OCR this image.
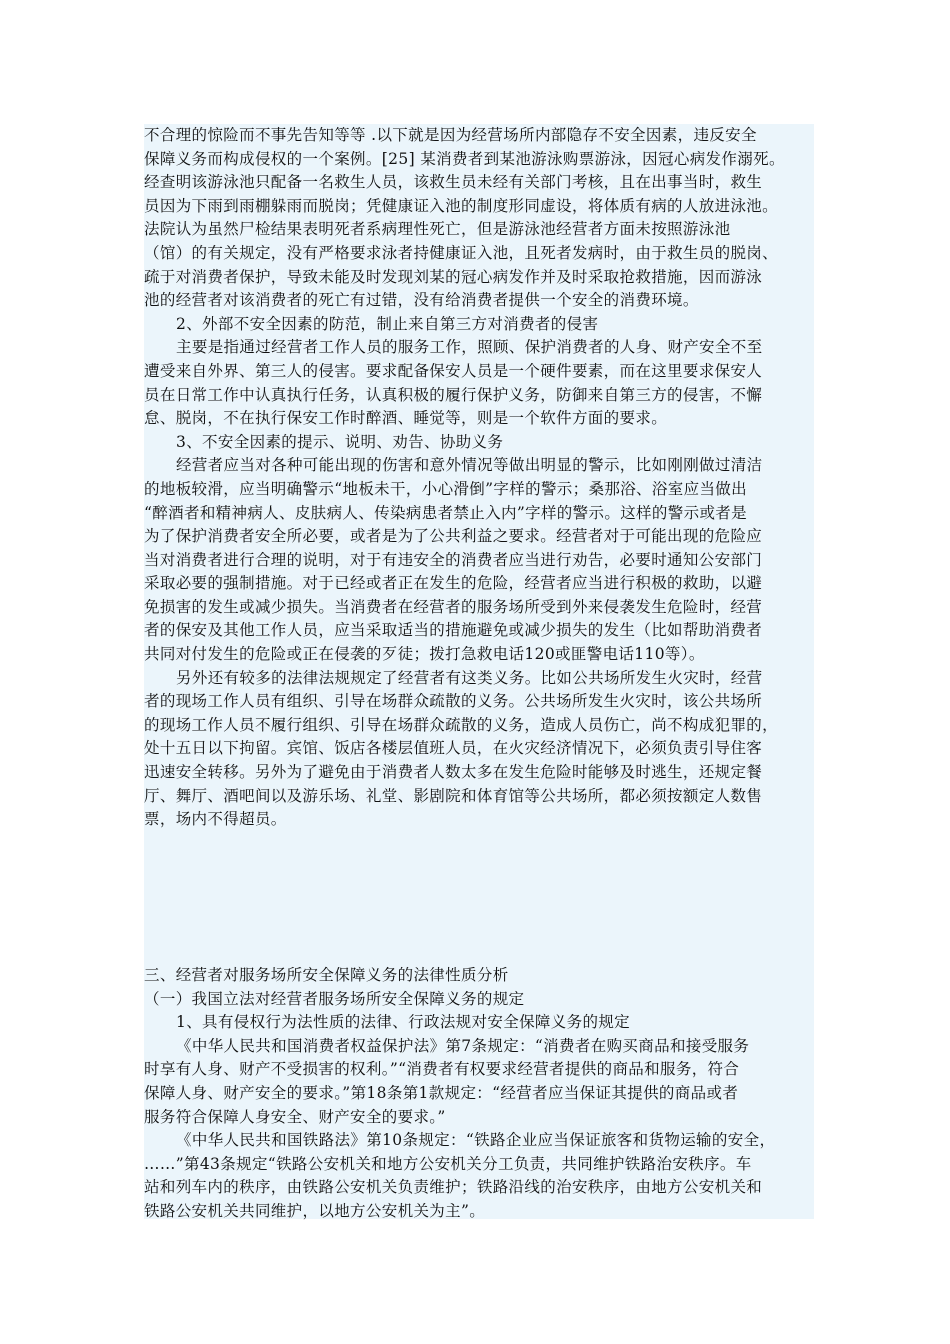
不合理的惊险而不事先告知等等 .以下就是因为经营场所内部隐存不安全因素，违反安全
保障义务而构成侵权的一个案例。[25] 某消费者到某池游泳购票游泳，因冠心病发作溺死。
经查明该游泳池只配备一名救生人员，该救生员未经有关部门考核，且在出事当时，救生
员因为下雨到雨棚躲雨而脱岗；凭健康证入池的制度形同虚设，将体质有病的人放进泳池。
法院认为虽然尸检结果表明死者系病理性死亡，但是游泳池经营者方面未按照游泳池
（馆）的有关规定，没有严格要求泳者持健康证入池，且死者发病时，由于救生员的脱岗、
疏于对消费者保护，导致未能及时发现刘某的冠心病发作并及时采取抢救措施，因而游泳
池的经营者对该消费者的死亡有过错，没有给消费者提供一个安全的消费环境。
2、外部不安全因素的防范，制止来自第三方对消费者的侵害
主要是指通过经营者工作人员的服务工作，照顾、保护消费者的人身、财产安全不至
遭受来自外界、第三人的侵害。要求配备保安人员是一个硬件要素，而在这里要求保安人
员在日常工作中认真执行任务，认真积极的履行保护义务，防御来自第三方的侵害，不懈
怠、脱岗，不在执行保安工作时醉酒、睡觉等，则是一个软件方面的要求。
3、不安全因素的提示、说明、劝告、协助义务
经营者应当对各种可能出现的伤害和意外情况等做出明显的警示，比如刚刚做过清洁
的地板较滑，应当明确警示“地板未干，小心滑倒”字样的警示；桑那浴、浴室应当做出
“醉酒者和精神病人、皮肤病人、传染病患者禁止入内”字样的警示。这样的警示或者是
为了保护消费者安全所必要，或者是为了公共利益之要求。经营者对于可能出现的危险应
当对消费者进行合理的说明，对于有违安全的消费者应当进行劝告，必要时通知公安部门
采取必要的强制措施。对于已经或者正在发生的危险，经营者应当进行积极的救助，以避
免损害的发生或减少损失。当消费者在经营者的服务场所受到外来侵袭发生危险时，经营
者的保安及其他工作人员，应当采取适当的措施避免或减少损失的发生（比如帮助消费者
共同对付发生的危险或正在侵袭的歹徒；拨打急救电话120或匪警电话110等）。
另外还有较多的法律法规规定了经营者有这类义务。比如公共场所发生火灾时，经营
者的现场工作人员有组织、引导在场群众疏散的义务。公共场所发生火灾时，该公共场所
的现场工作人员不履行组织、引导在场群众疏散的义务，造成人员伤亡，尚不构成犯罪的，
处十五日以下拘留。宾馆、饭店各楼层值班人员，在火灾经济情况下，必须负责引导住客
迅速安全转移。另外为了避免由于消费者人数太多在发生危险时能够及时逃生，还规定餐
厅、舞厅、酒吧间以及游乐场、礼堂、影剧院和体育馆等公共场所，都必须按额定人数售
票，场内不得超员。
三、经营者对服务场所安全保障义务的法律性质分析
（一）我国立法对经营者服务场所安全保障义务的规定
1、具有侵权行为法性质的法律、行政法规对安全保障义务的规定
《中华人民共和国消费者权益保护法》第7条规定：“消费者在购买商品和接受服务
时享有人身、财产不受损害的权利。”“消费者有权要求经营者提供的商品和服务，符合
保障人身、财产安全的要求。”第18条第1款规定：“经营者应当保证其提供的商品或者
服务符合保障人身安全、财产安全的要求。”
《中华人民共和国铁路法》第10条规定：“铁路企业应当保证旅客和货物运输的安全，
……”第43条规定“铁路公安机关和地方公安机关分工负责，共同维护铁路治安秩序。车
站和列车内的秩序，由铁路公安机关负责维护；铁路沿线的治安秩序，由地方公安机关和
铁路公安机关共同维护，以地方公安机关为主”。
